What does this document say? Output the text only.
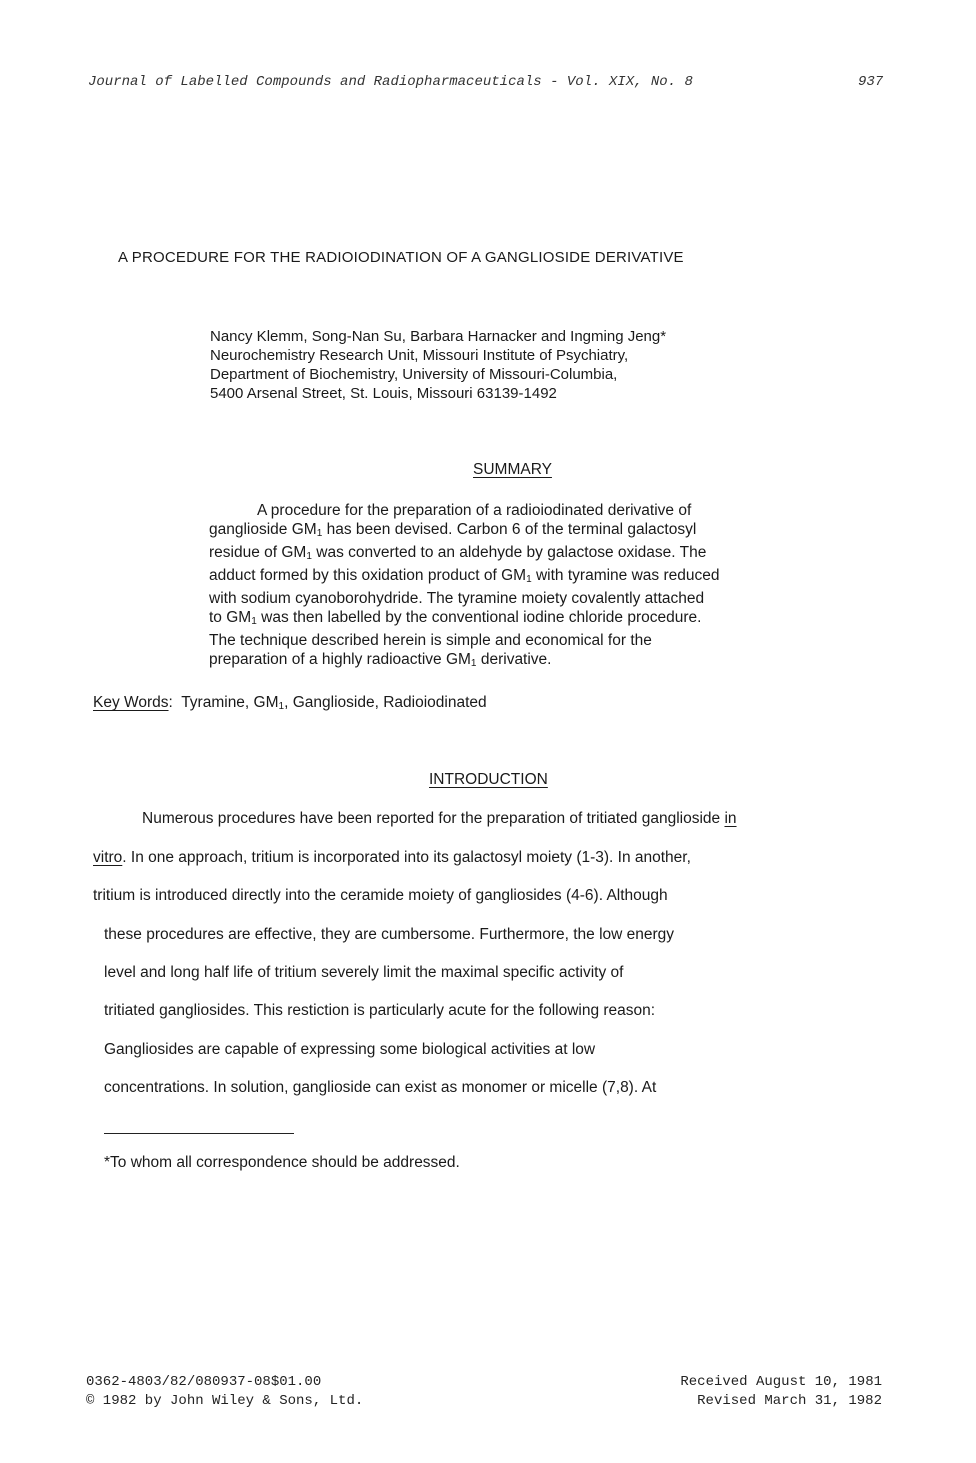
Journal of Labelled Compounds and Radiopharmaceuticals - Vol. XIX, No. 8	937
A PROCEDURE FOR THE RADIOIODINATION OF A GANGLIOSIDE DERIVATIVE
Nancy Klemm, Song-Nan Su, Barbara Harnacker and Ingming Jeng*
Neurochemistry Research Unit, Missouri Institute of Psychiatry,
Department of Biochemistry, University of Missouri-Columbia,
5400 Arsenal Street, St. Louis, Missouri 63139-1492
SUMMARY

A procedure for the preparation of a radioiodinated derivative of

ganglioside $GM_1$ has been devised. Carbon 6 of the terminal galactosyl

residue of $GM_1$ was converted to an aldehyde by galactose oxidase. The

adduct formed by this oxidation product of $GM_1$ with tyramine was reduced

with sodium cyanoborohydride. The tyramine moiety covalently attached

to $GM_1$ was then labelled by the conventional iodine chloride procedure.

The technique described herein is simple and economical for the

preparation of a highly radioactive $GM_1$ derivative.

Key Words: Tyramine, $GM_1$, Ganglioside, Radioiodinated
INTRODUCTION
Numerous procedures have been reported for the preparation of tritiated ganglioside in
vitro. In one approach, tritium is incorporated into its galactosyl moiety (1-3). In another,
tritium is introduced directly into the ceramide moiety of gangliosides (4-6). Although
these procedures are effective, they are cumbersome. Furthermore, the low energy
level and long half life of tritium severely limit the maximal specific activity of
tritiated gangliosides. This restiction is particularly acute for the following reason:
Gangliosides are capable of expressing some biological activities at low
concentrations. In solution, ganglioside can exist as monomer or micelle (7,8). At
*To whom all correspondence should be addressed.
0362-4803/82/080937-08$01.00
© 1982 by John Wiley & Sons, Ltd.
Received August 10, 1981
Revised March 31, 1982
